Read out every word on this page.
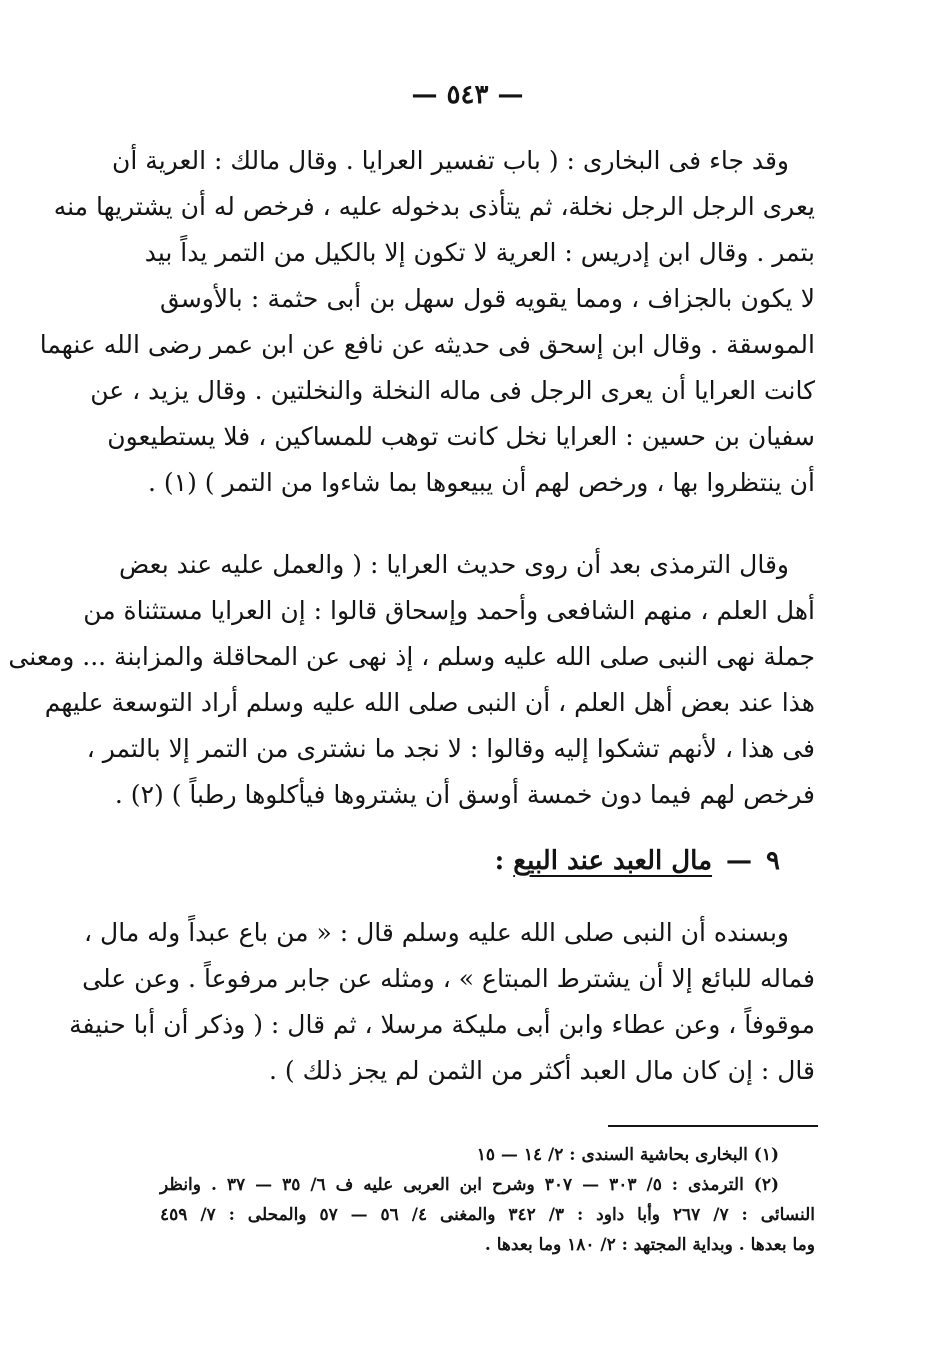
— ٥٤٣ —
وقد جاء فى البخارى : ( باب تفسير العرايا . وقال مالك : العرية أن
يعرى الرجل الرجل نخلة، ثم يتأذى بدخوله عليه ، فرخص له أن يشتريها منه
بتمر . وقال ابن إدريس : العرية لا تكون إلا بالكيل من التمر يداً بيد
لا يكون بالجزاف ، ومما يقويه قول سهل بن أبى حثمة : بالأوسق
الموسقة . وقال ابن إسحق فى حديثه عن نافع عن ابن عمر رضى الله عنهما
كانت العرايا أن يعرى الرجل فى ماله النخلة والنخلتين . وقال يزيد ، عن
سفيان بن حسين : العرايا نخل كانت توهب للمساكين ، فلا يستطيعون
أن ينتظروا بها ، ورخص لهم أن يبيعوها بما شاءوا من التمر ) (١) .
وقال الترمذى بعد أن روى حديث العرايا : ( والعمل عليه عند بعض
أهل العلم ، منهم الشافعى وأحمد وإسحاق قالوا : إن العرايا مستثناة من
جملة نهى النبى صلى الله عليه وسلم ، إذ نهى عن المحاقلة والمزابنة ... ومعنى
هذا عند بعض أهل العلم ، أن النبى صلى الله عليه وسلم أراد التوسعة عليهم
فى هذا ، لأنهم تشكوا إليه وقالوا : لا نجد ما نشترى من التمر إلا بالتمر ،
فرخص لهم فيما دون خمسة أوسق أن يشتروها فيأكلوها رطباً ) (٢) .
٩—مال العبد عند البيع :
وبسنده أن النبى صلى الله عليه وسلم قال : « من باع عبداً وله مال ،
فماله للبائع إلا أن يشترط المبتاع » ، ومثله عن جابر مرفوعاً . وعن على
موقوفاً ، وعن عطاء وابن أبى مليكة مرسلا ، ثم قال : ( وذكر أن أبا حنيفة
قال : إن كان مال العبد أكثر من الثمن لم يجز ذلك ) .
(١) البخارى بحاشية السندى : ٢/ ١٤ — ١٥
(٢) الترمذى : ٥/ ٣٠٣ — ٣٠٧ وشرح ابن العربى عليه ف ٦/ ٣٥ — ٣٧ . وانظر
النسائى : ٧/ ٢٦٧ وأبا داود : ٣/ ٣٤٢ والمغنى ٤/ ٥٦ — ٥٧ والمحلى : ٧/ ٤٥٩
وما بعدها . وبداية المجتهد : ٢/ ١٨٠ وما بعدها .
